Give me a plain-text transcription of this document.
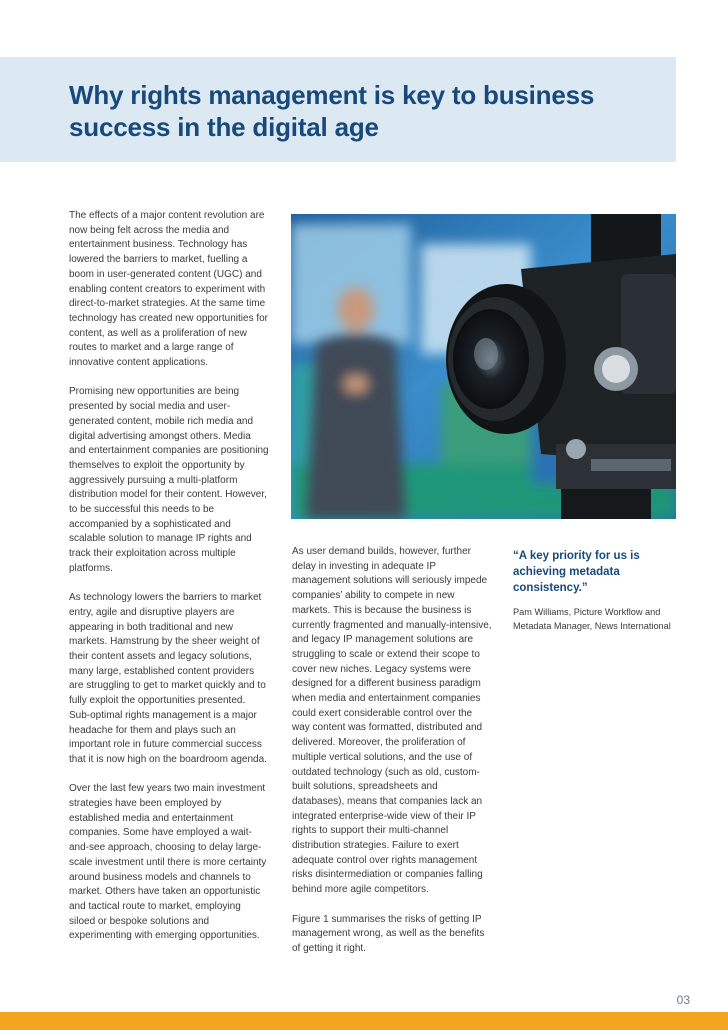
Why rights management is key to business success in the digital age

The effects of a major content revolution are now being felt across the media and entertainment business. Technology has lowered the barriers to market, fuelling a boom in user-generated content (UGC) and enabling content creators to experiment with direct-to-market strategies. At the same time technology has created new opportunities for content, as well as a proliferation of new routes to market and a large range of innovative content applications.

Promising new opportunities are being presented by social media and user-generated content, mobile rich media and digital advertising amongst others. Media and entertainment companies are positioning themselves to exploit the opportunity by aggressively pursuing a multi-platform distribution model for their content. However, to be successful this needs to be accompanied by a sophisticated and scalable solution to manage IP rights and track their exploitation across multiple platforms.

As technology lowers the barriers to market entry, agile and disruptive players are appearing in both traditional and new markets. Hamstrung by the sheer weight of their content assets and legacy solutions, many large, established content providers are struggling to get to market quickly and to fully exploit the opportunities presented. Sub-optimal rights management is a major headache for them and plays such an important role in future commercial success that it is now high on the boardroom agenda.

Over the last few years two main investment strategies have been employed by established media and entertainment companies. Some have employed a wait-and-see approach, choosing to delay large-scale investment until there is more certainty around business models and channels to market. Others have taken an opportunistic and tactical route to market, employing siloed or bespoke solutions and experimenting with emerging opportunities.

As user demand builds, however, further delay in investing in adequate IP management solutions will seriously impede companies’ ability to compete in new markets. This is because the business is currently fragmented and manually-intensive, and legacy IP management solutions are struggling to scale or extend their scope to cover new niches. Legacy systems were designed for a different business paradigm when media and entertainment companies could exert considerable control over the way content was formatted, distributed and delivered. Moreover, the proliferation of multiple vertical solutions, and the use of outdated technology (such as old, custom-built solutions, spreadsheets and databases), means that companies lack an integrated enterprise-wide view of their IP rights to support their multi-channel distribution strategies. Failure to exert adequate control over rights management risks disintermediation or companies falling behind more agile competitors.

Figure 1 summarises the risks of getting IP management wrong, as well as the benefits of getting it right.

“A key priority for us is achieving metadata consistency.”

Pam Williams, Picture Workflow and Metadata Manager, News International

03
